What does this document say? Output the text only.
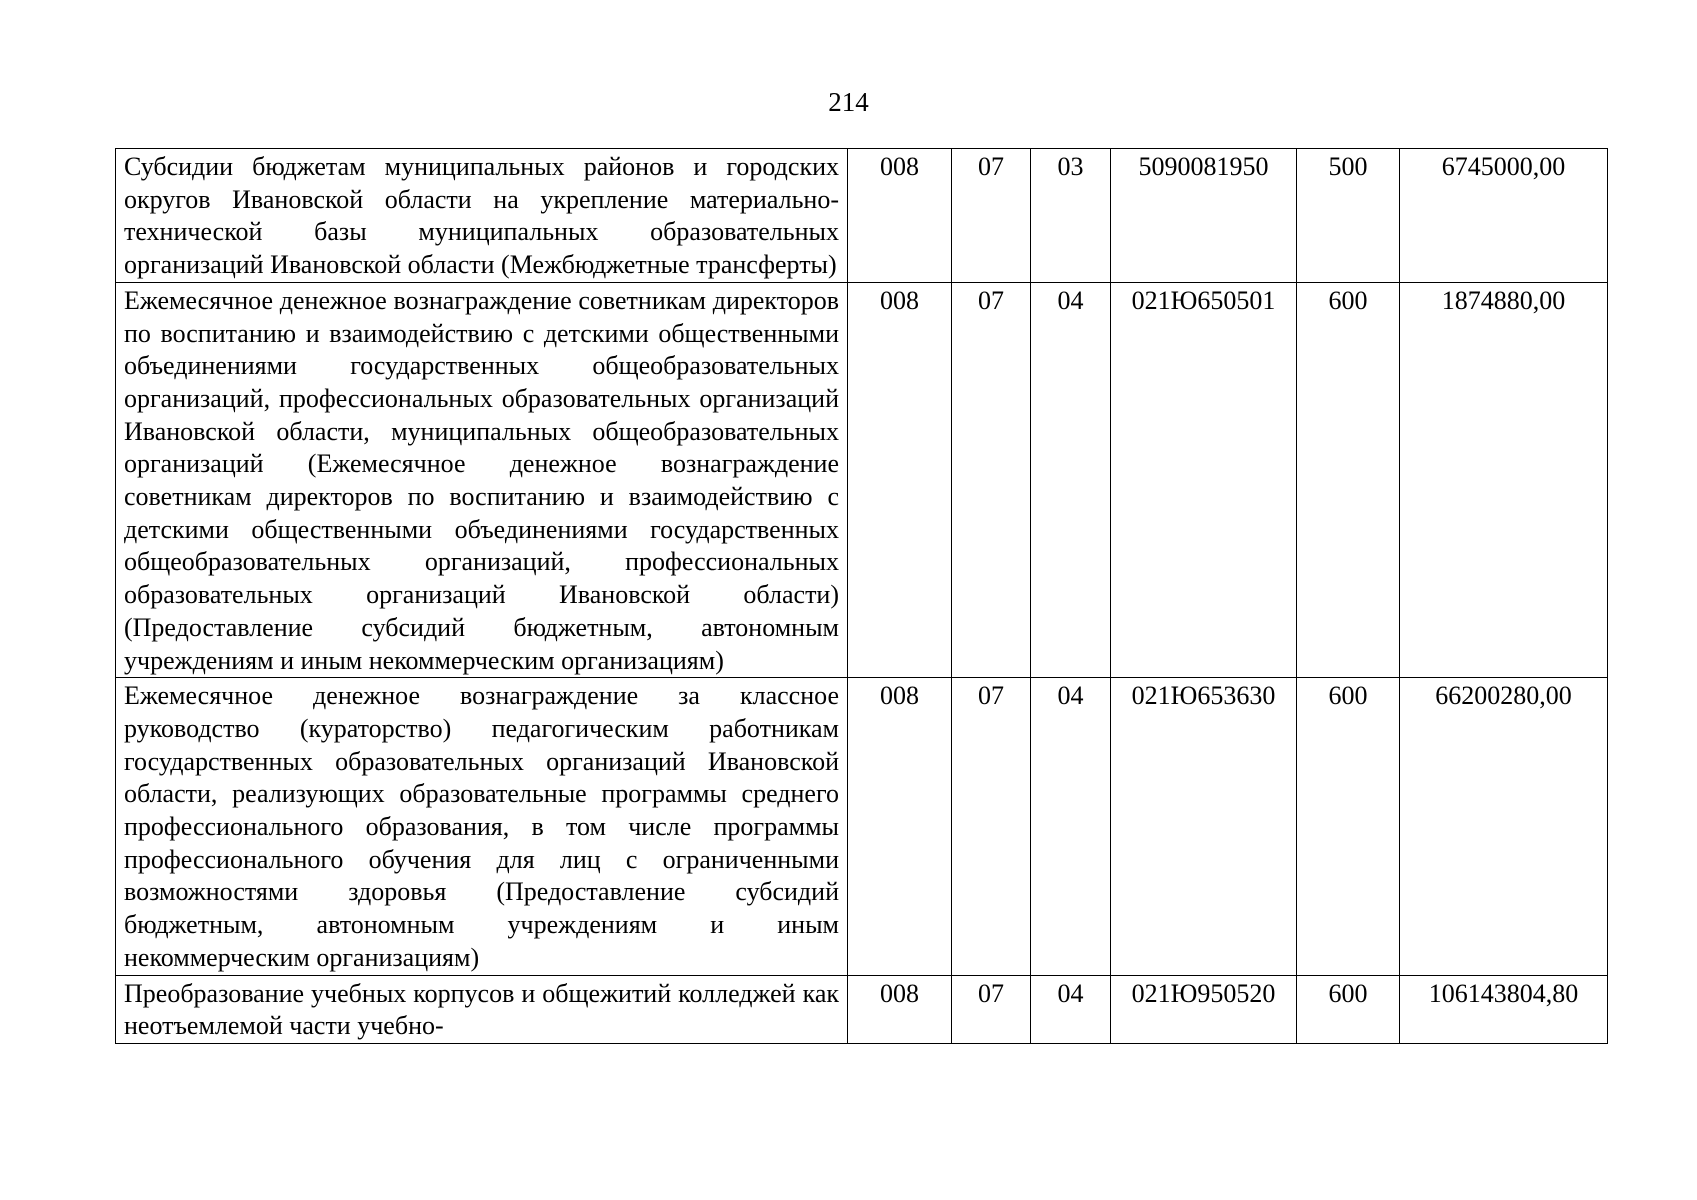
214
Субсидии бюджетам муниципальных районов и городских округов Ивановской области на укрепление материально-технической базы муниципальных образовательных организаций Ивановской области (Межбюджетные трансферты)	008	07	03	5090081950	500	6745000,00
Ежемесячное денежное вознаграждение советникам директоров по воспитанию и взаимодействию с детскими общественными объединениями государственных общеобразовательных организаций, профессиональных образовательных организаций Ивановской области, муниципальных общеобразовательных организаций (Ежемесячное денежное вознаграждение советникам директоров по воспитанию и взаимодействию с детскими общественными объединениями государственных общеобразовательных организаций, профессиональных образовательных организаций Ивановской области) (Предоставление субсидий бюджетным, автономным учреждениям и иным некоммерческим организациям)	008	07	04	021Ю650501	600	1874880,00
Ежемесячное денежное вознаграждение за классное руководство (кураторство) педагогическим работникам государственных образовательных организаций Ивановской области, реализующих образовательные программы среднего профессионального образования, в том числе программы профессионального обучения для лиц с ограниченными возможностями здоровья (Предоставление субсидий бюджетным, автономным учреждениям и иным некоммерческим организациям)	008	07	04	021Ю653630	600	66200280,00
Преобразование учебных корпусов и общежитий колледжей как неотъемлемой части учебно-	008	07	04	021Ю950520	600	106143804,80
